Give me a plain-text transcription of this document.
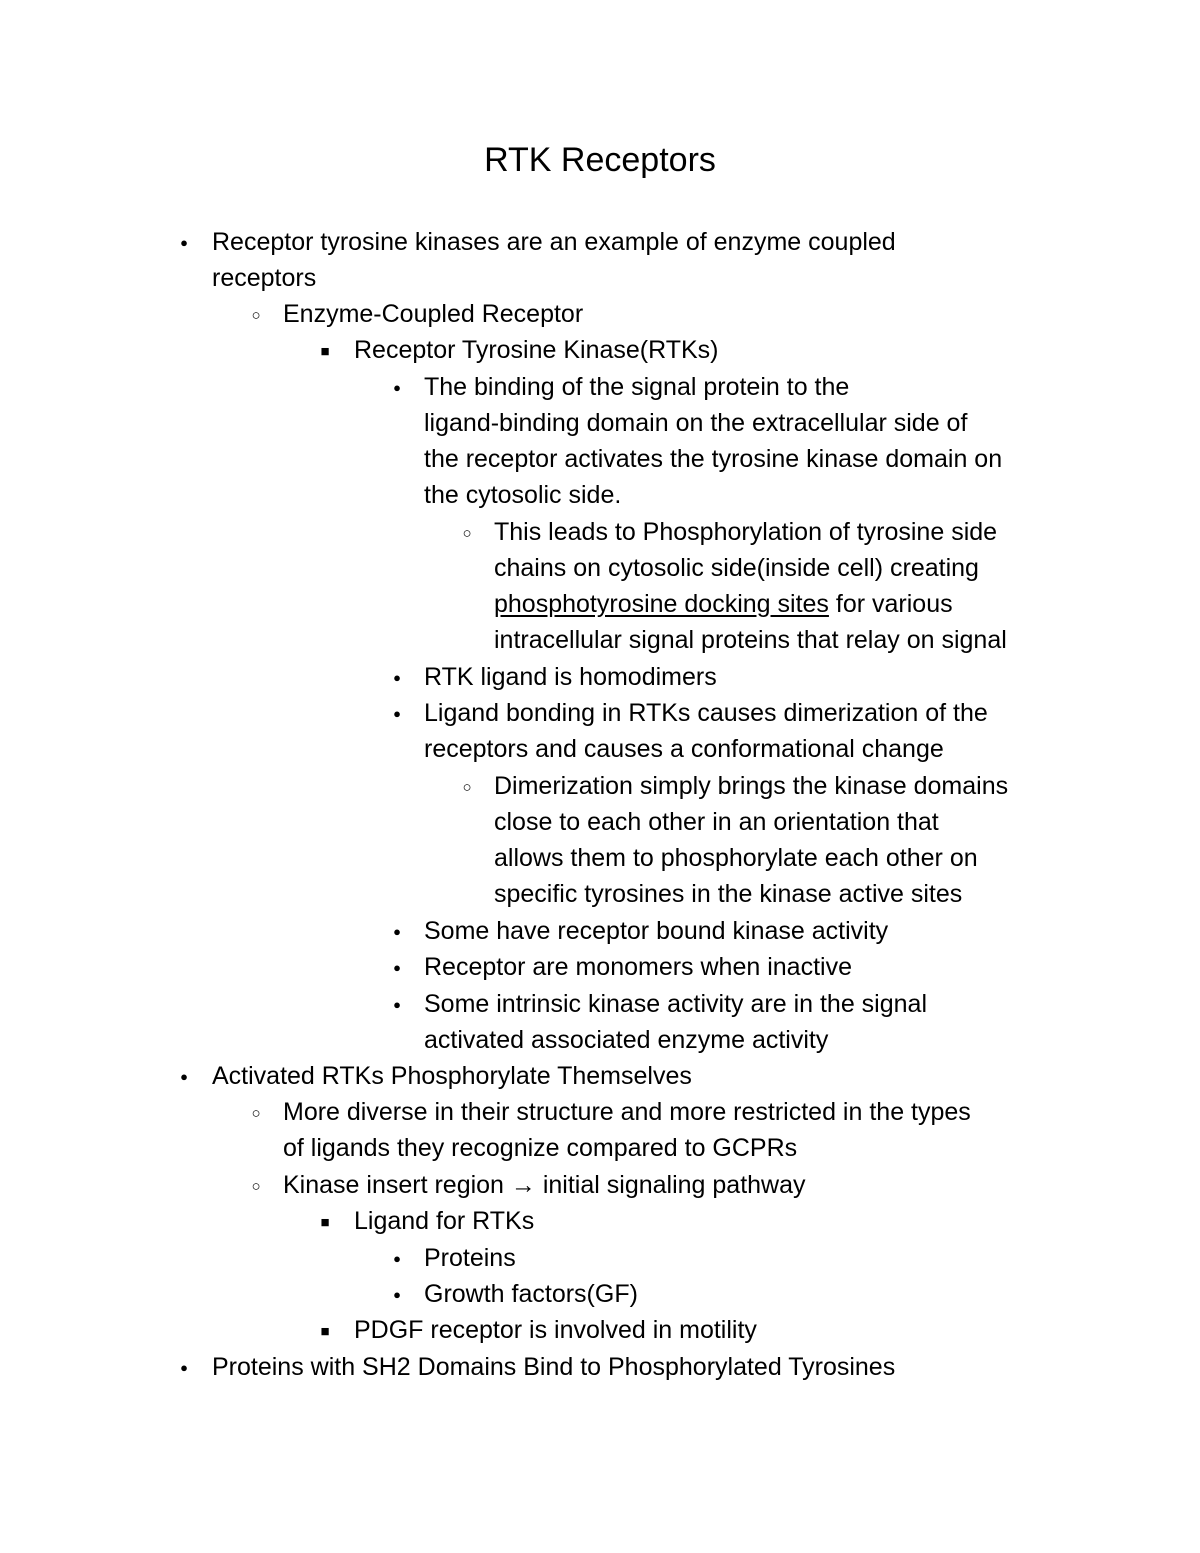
RTK Receptors
●
Receptor tyrosine kinases are an example of enzyme coupled
receptors
○
Enzyme-Coupled Receptor
■
Receptor Tyrosine Kinase(RTKs)
●
The binding of the signal protein to the
ligand-binding domain on the extracellular side of
the receptor activates the tyrosine kinase domain on
the cytosolic side.
○
This leads to Phosphorylation of tyrosine side
chains on cytosolic side(inside cell) creating
phosphotyrosine docking sites for various
intracellular signal proteins that relay on signal
●
RTK ligand is homodimers
●
Ligand bonding in RTKs causes dimerization of the
receptors and causes a conformational change
○
Dimerization simply brings the kinase domains
close to each other in an orientation that
allows them to phosphorylate each other on
specific tyrosines in the kinase active sites
●
Some have receptor bound kinase activity
●
Receptor are monomers when inactive
●
Some intrinsic kinase activity are in the signal
activated associated enzyme activity
●
Activated RTKs Phosphorylate Themselves
○
More diverse in their structure and more restricted in the types
of ligands they recognize compared to GCPRs
○
Kinase insert region → initial signaling pathway
■
Ligand for RTKs
●
Proteins
●
Growth factors(GF)
■
PDGF receptor is involved in motility
●
Proteins with SH2 Domains Bind to Phosphorylated Tyrosines
